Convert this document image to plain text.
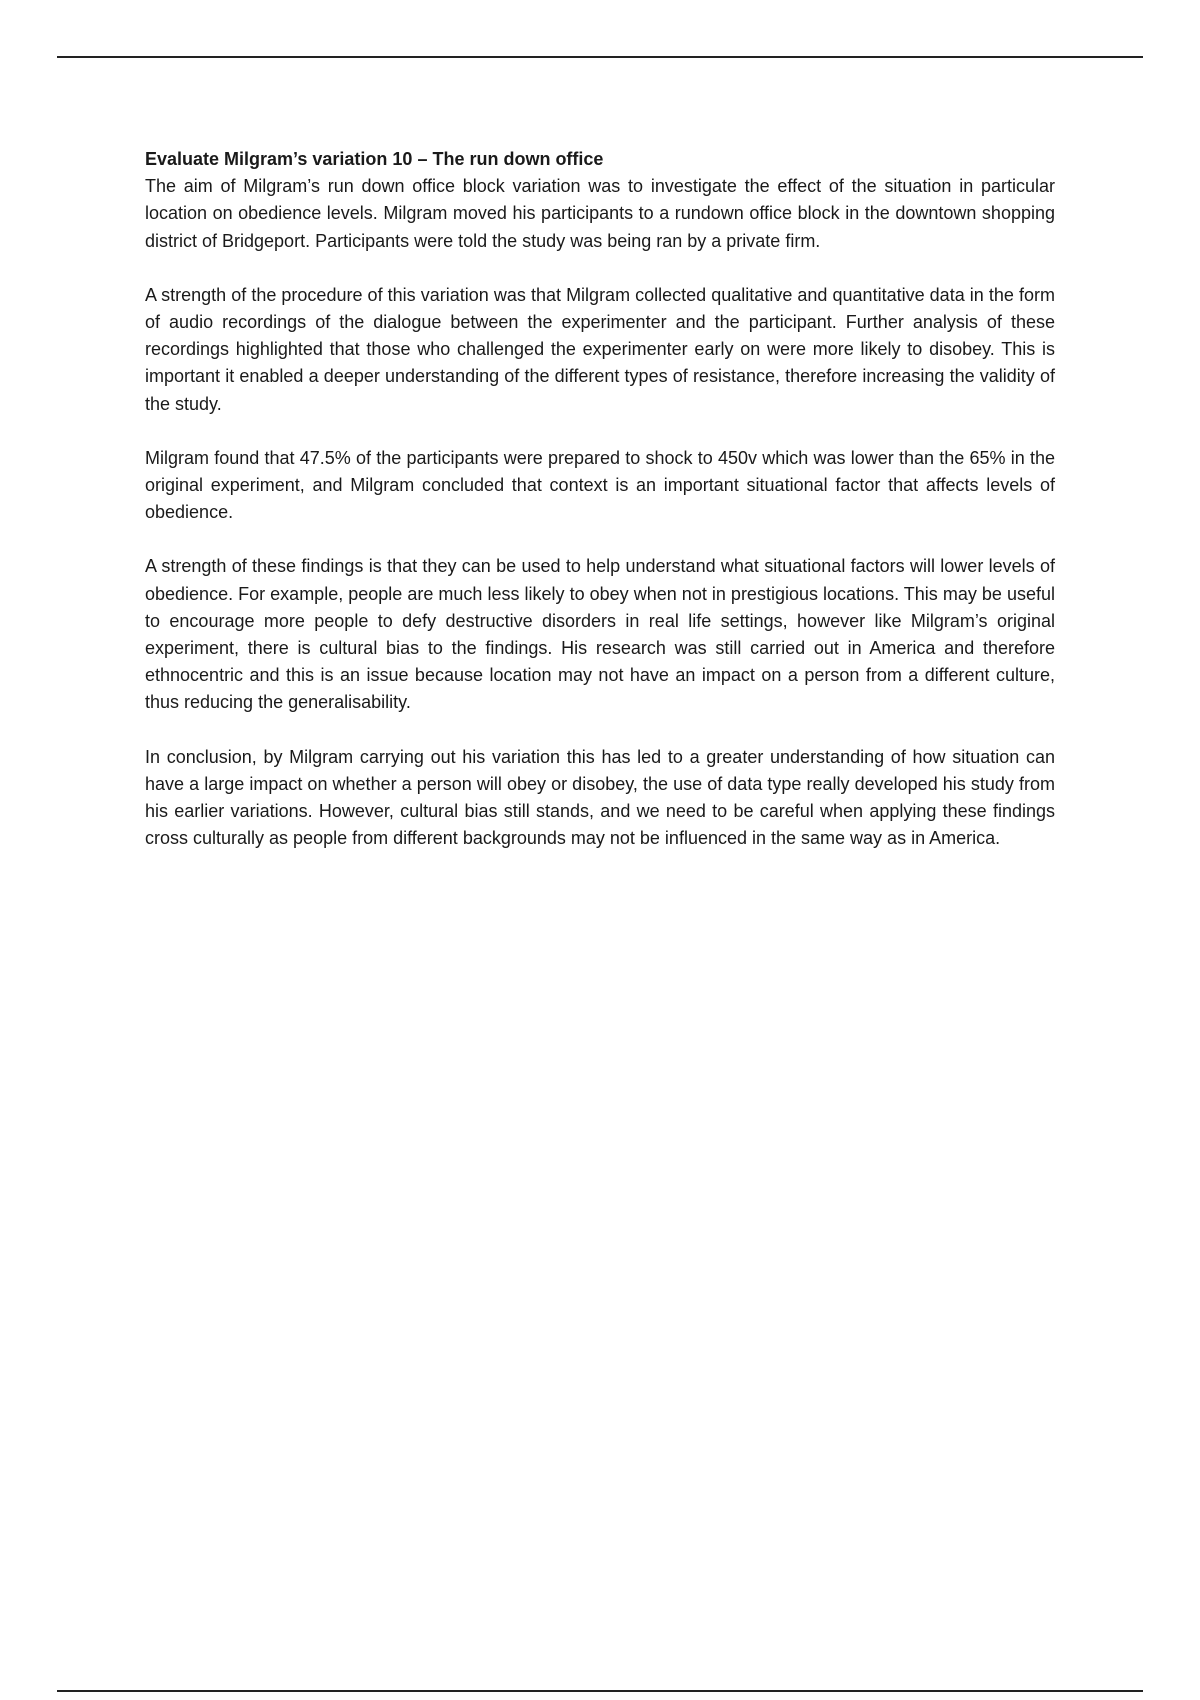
Evaluate Milgram’s variation 10 – The run down office

The aim of Milgram’s run down office block variation was to investigate the effect of the situation in particular location on obedience levels. Milgram moved his participants to a rundown office block in the downtown shopping district of Bridgeport. Participants were told the study was being ran by a private firm.

A strength of the procedure of this variation was that Milgram collected qualitative and quantitative data in the form of audio recordings of the dialogue between the experimenter and the participant. Further analysis of these recordings highlighted that those who challenged the experimenter early on were more likely to disobey. This is important it enabled a deeper understanding of the different types of resistance, therefore increasing the validity of the study.

Milgram found that 47.5% of the participants were prepared to shock to 450v which was lower than the 65% in the original experiment, and Milgram concluded that context is an important situational factor that affects levels of obedience.

A strength of these findings is that they can be used to help understand what situational factors will lower levels of obedience. For example, people are much less likely to obey when not in prestigious locations. This may be useful to encourage more people to defy destructive disorders in real life settings, however like Milgram’s original experiment, there is cultural bias to the findings. His research was still carried out in America and therefore ethnocentric and this is an issue because location may not have an impact on a person from a different culture, thus reducing the generalisability.

In conclusion, by Milgram carrying out his variation this has led to a greater understanding of how situation can have a large impact on whether a person will obey or disobey, the use of data type really developed his study from his earlier variations. However, cultural bias still stands, and we need to be careful when applying these findings cross culturally as people from different backgrounds may not be influenced in the same way as in America.
